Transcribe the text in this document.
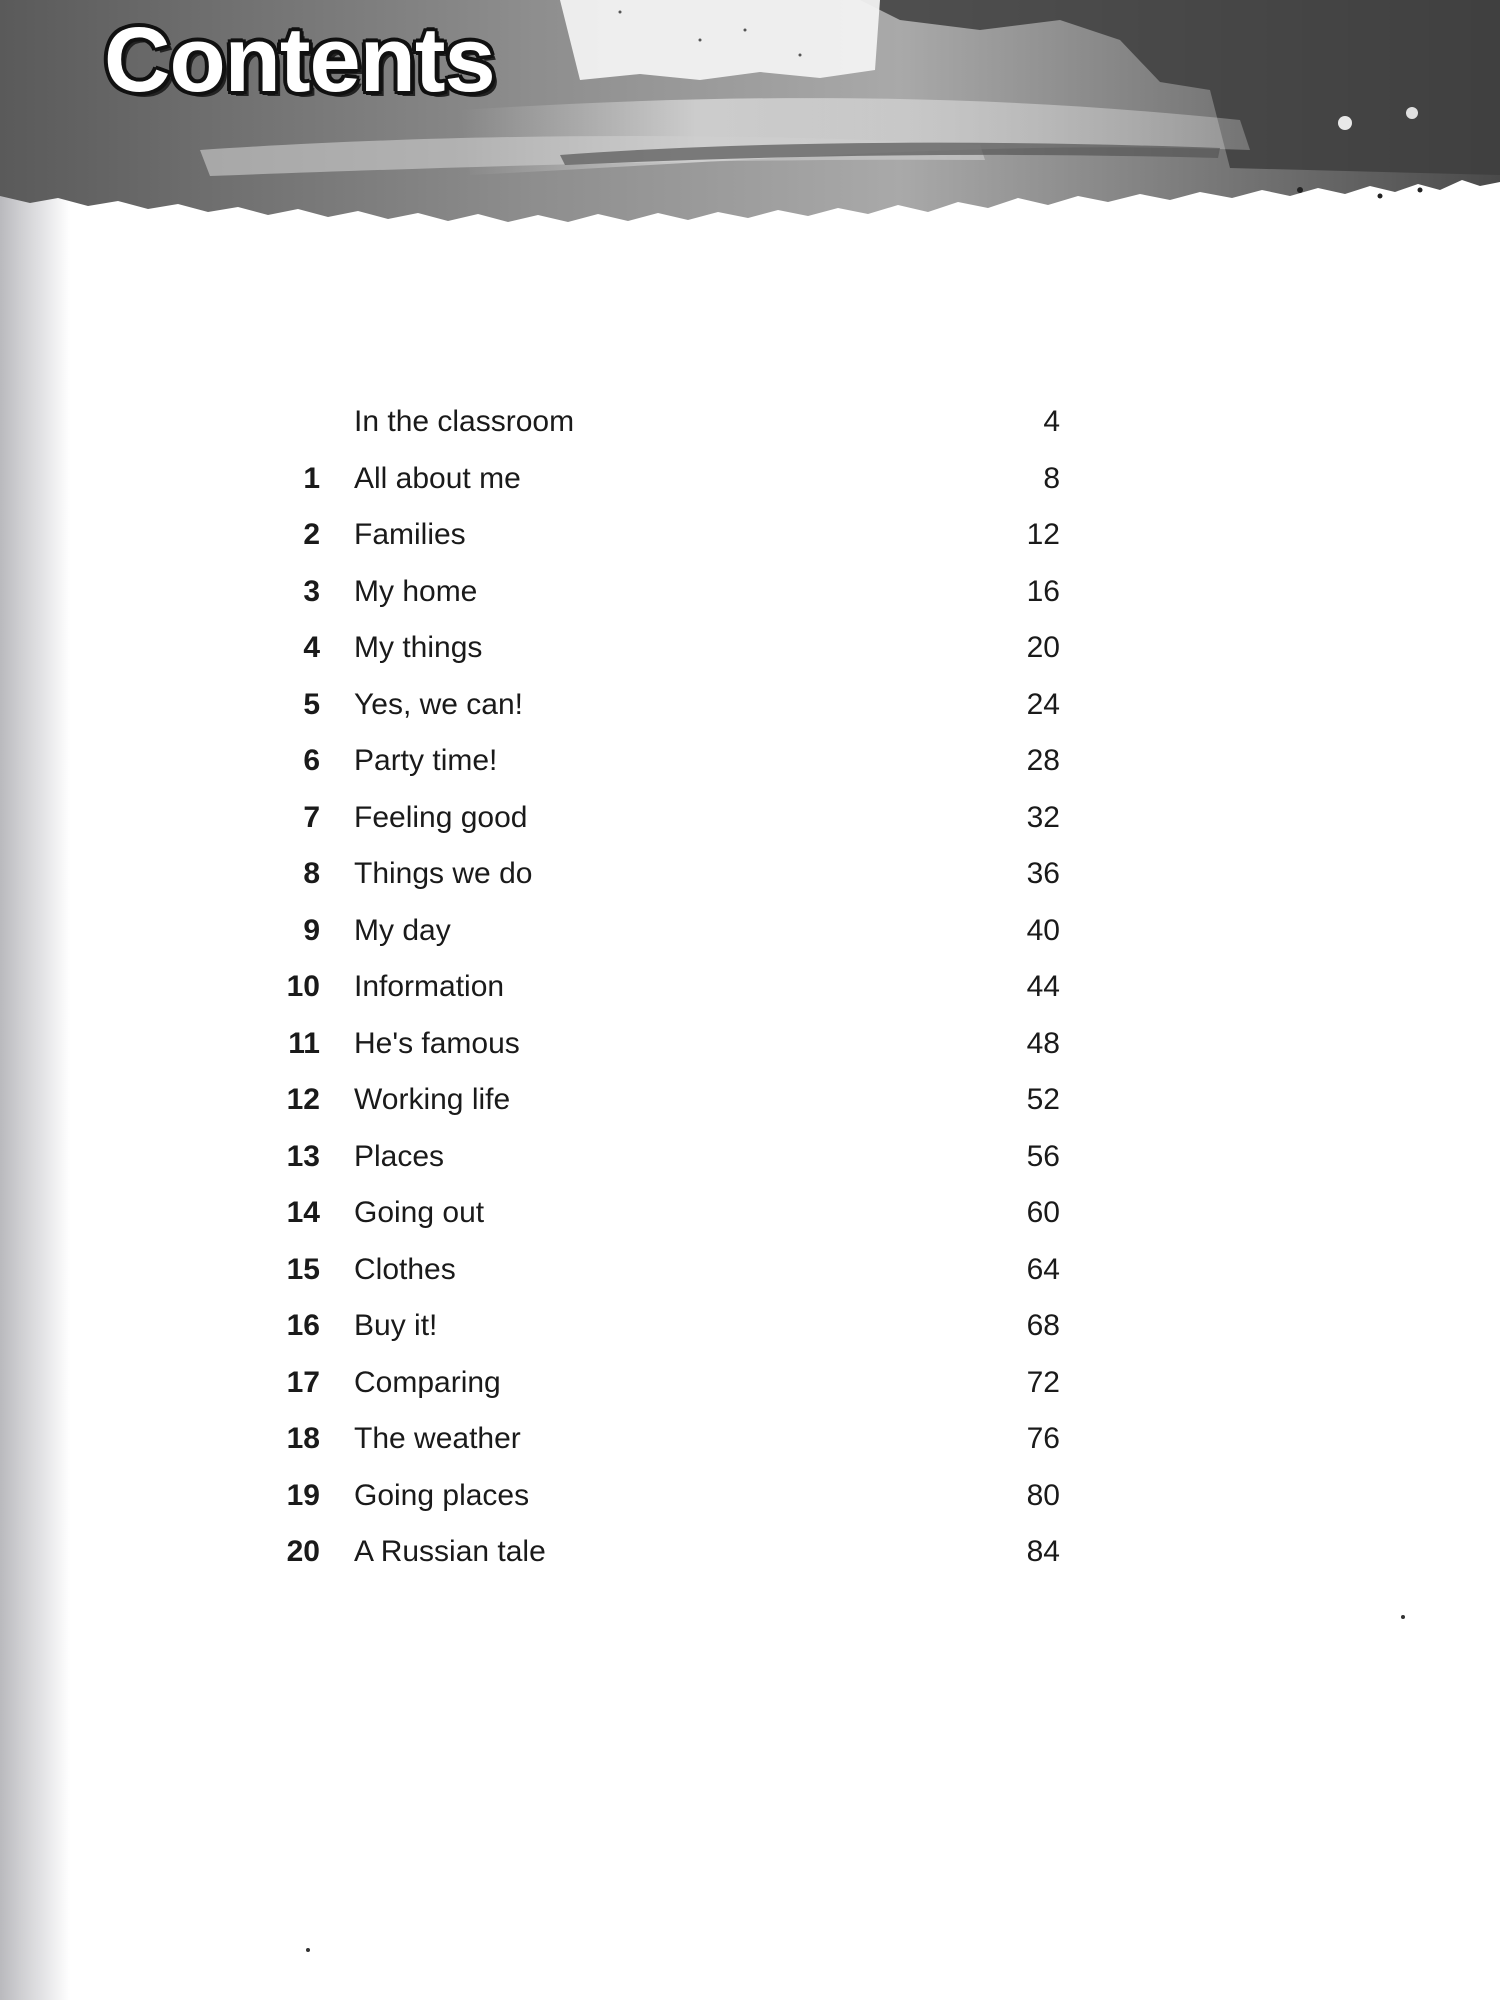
Contents
In the classroom	4
1 All about me	8
2 Families	12
3 My home	16
4 My things	20
5 Yes, we can!	24
6 Party time!	28
7 Feeling good	32
8 Things we do	36
9 My day	40
10 Information	44
11 He's famous	48
12 Working life	52
13 Places	56
14 Going out	60
15 Clothes	64
16 Buy it!	68
17 Comparing	72
18 The weather	76
19 Going places	80
20 A Russian tale	84
